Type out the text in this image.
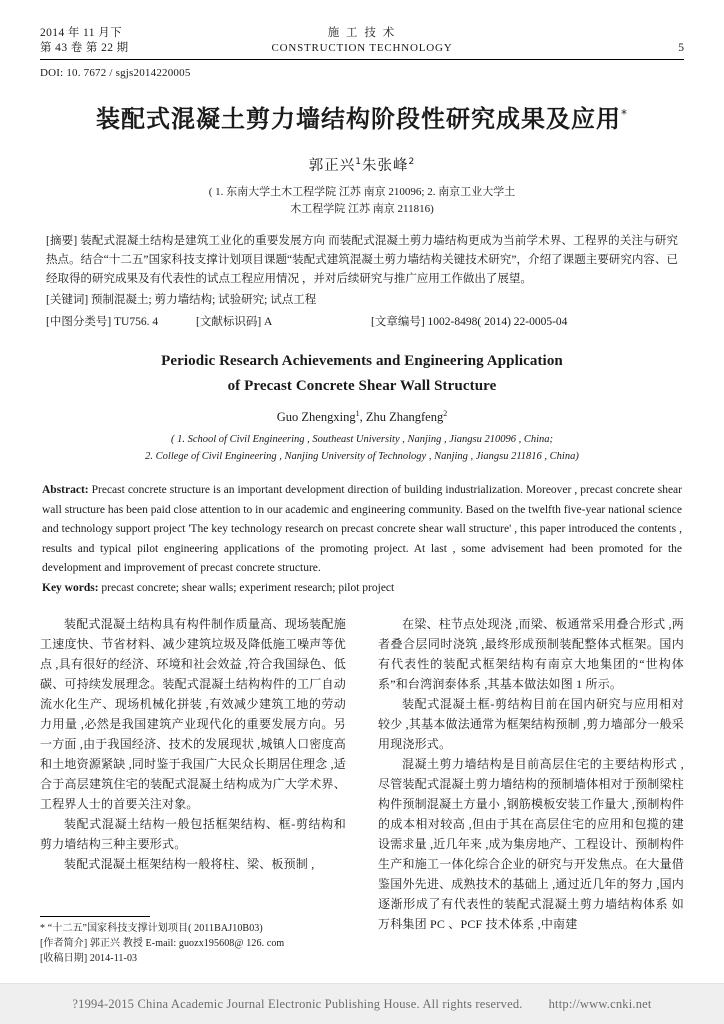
2014 年 11 月下	施 工 技 术
第 43 卷 第 22 期	CONSTRUCTION TECHNOLOGY	5
DOI: 10. 7672 / sgjs2014220005
装配式混凝土剪力墙结构阶段性研究成果及应用*
郭正兴$^1$朱张峰$^2$
( 1. 东南大学土木工程学院 江苏 南京 210096; 2. 南京工业大学土
木工程学院 江苏 南京 211816)

[摘要] 装配式混凝土结构是建筑工业化的重要发展方向 而装配式混凝土剪力墙结构更成为当前学术界、工程界的关注与研究热点。结合“十二五”国家科技支撑计划项目课题“装配式建筑混凝土剪力墙结构关键技术研究”，介绍了课题主要研究内容、已经取得的研究成果及有代表性的试点工程应用情况 ，并对后续研究与推广应用工作做出了展望。

[关键词] 预制混凝土; 剪力墙结构; 试验研究; 试点工程

[中图分类号] TU756. 4	[文献标识码] A	[文章编号] 1002-8498( 2014) 22-0005-04
Periodic Research Achievements and Engineering Application
of Precast Concrete Shear Wall Structure
Guo Zhengxing$^1$, Zhu Zhangfeng$^2$
( 1. School of Civil Engineering , Southeast University , Nanjing , Jiangsu 210096 , China;
2. College of Civil Engineering , Nanjing University of Technology , Nanjing , Jiangsu 211816 , China)

Abstract: Precast concrete structure is an important development direction of building industrialization. Moreover , precast concrete shear wall structure has been paid close attention to in our academic and engineering community. Based on the twelfth five-year national science and technology support project 'The key technology research on precast concrete shear wall structure' , this paper introduced the contents , results and typical pilot engineering applications of the promoting project. At last , some advisement had been promoted for the development and improvement of precast concrete structure.

Key words: precast concrete; shear walls; experiment research; pilot project

装配式混凝土结构具有构件制作质量高、现场装配施工速度快、节省材料、减少建筑垃圾及降低施工噪声等优点 ,具有很好的经济、环境和社会效益 ,符合我国绿色、低碳、可持续发展理念。装配式混凝土结构构件的工厂自动流水化生产、现场机械化拼装 ,有效减少建筑工地的劳动力用量 ,必然是我国建筑产业现代化的重要发展方向。另一方面 ,由于我国经济、技术的发展现状 ,城镇人口密度高和土地资源紧缺 ,同时鉴于我国广大民众长期居住理念 ,适合于高层建筑住宅的装配式混凝土结构成为广大学术界、工程界人士的首要关注对象。

装配式混凝土结构一般包括框架结构、框-剪结构和剪力墙结构三种主要形式。

装配式混凝土框架结构一般将柱、梁、板预制 ,

在梁、柱节点处现浇 ,而梁、板通常采用叠合形式 ,两者叠合层同时浇筑 ,最终形成预制装配整体式框架。国内有代表性的装配式框架结构有南京大地集团的“世构体系”和台湾润泰体系 ,其基本做法如图 1 所示。

装配式混凝土框-剪结构目前在国内研究与应用相对较少 ,其基本做法通常为框架结构预制 ,剪力墙部分一般采用现浇形式。

混凝土剪力墙结构是目前高层住宅的主要结构形式 ,尽管装配式混凝土剪力墙结构的预制墙体相对于预制梁柱构件预制混凝土方量小 ,钢筋模板安装工作量大 ,预制构件的成本相对较高 ,但由于其在高层住宅的应用和包揽的建设需求量 ,近几年来 ,成为集房地产、工程设计、预制构件生产和施工一体化综合企业的研究与开发焦点。在大量借鉴国外先进、成熟技术的基础上 ,通过近几年的努力 ,国内逐渐形成了有代表性的装配式混凝土剪力墙结构体系 如万科集团 PC 、PCF 技术体系 ,中南建

* “十二五”国家科技支撑计划项目( 2011BAJ10B03)
[作者简介] 郭正兴 教授 E-mail: guozx195608@ 126. com
[收稿日期] 2014-11-03
?1994-2015 China Academic Journal Electronic Publishing House. All rights reserved. http://www.cnki.net
